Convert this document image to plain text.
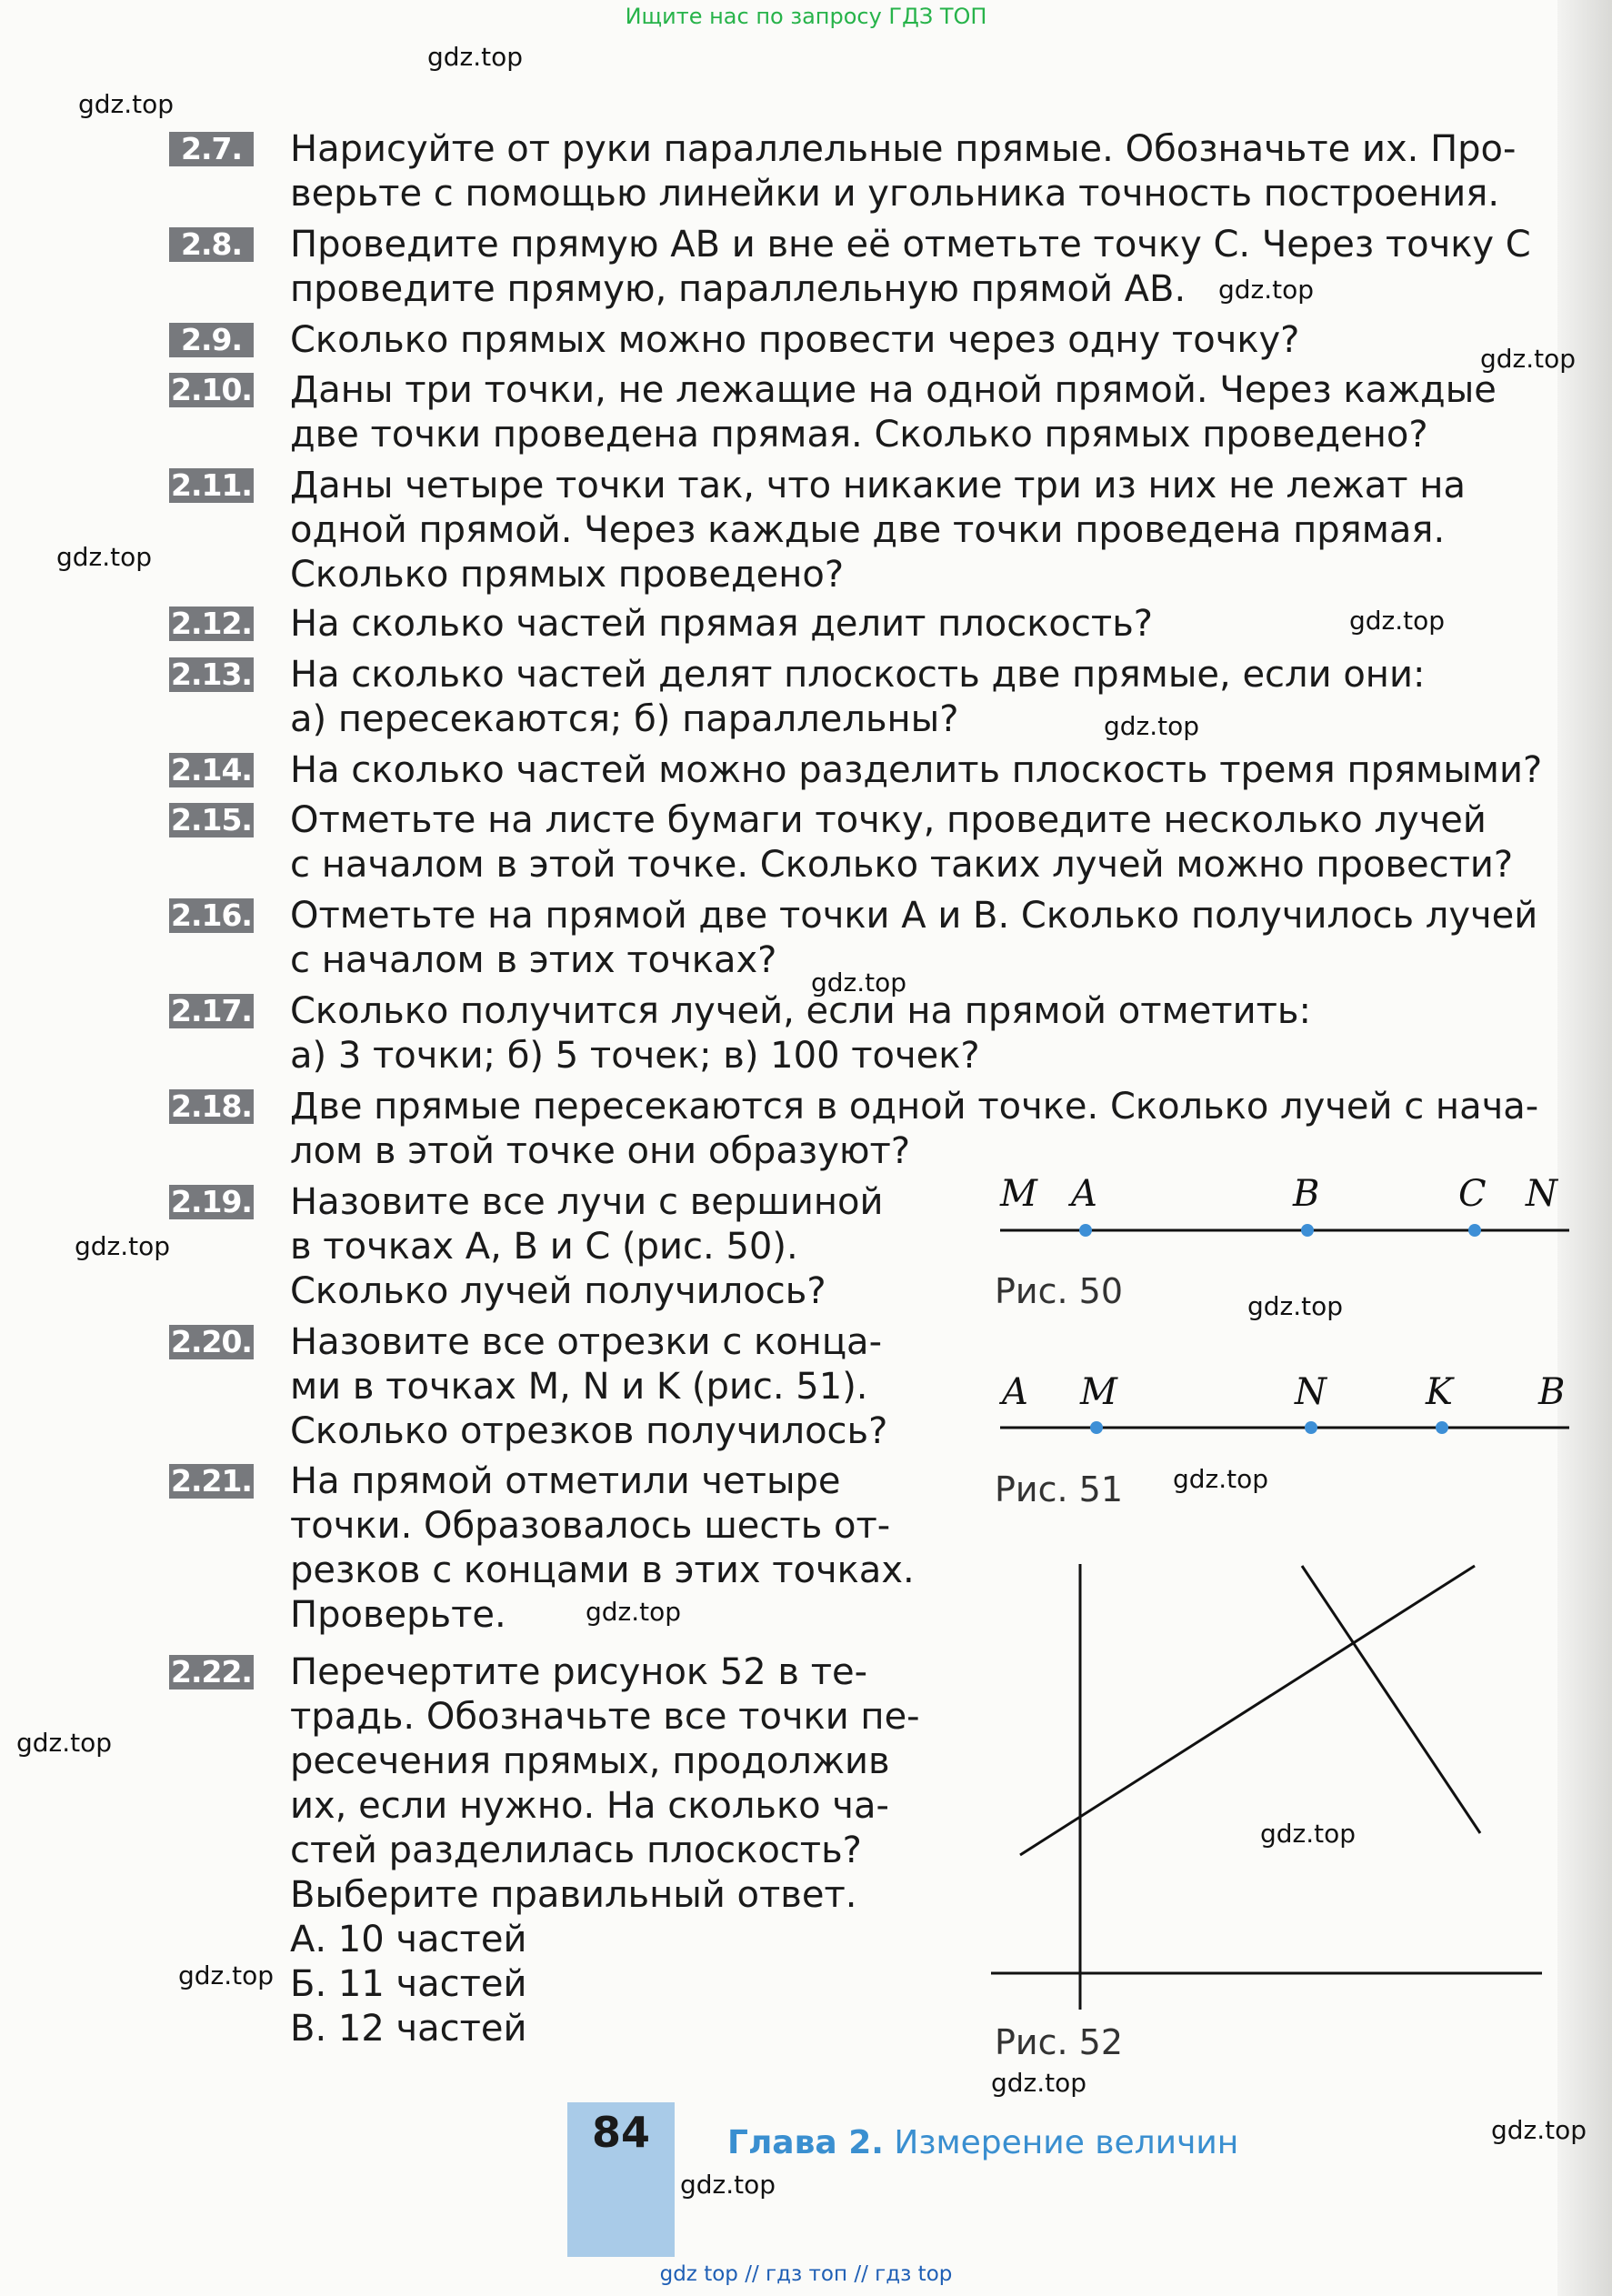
Ищите нас по запросу ГДЗ ТОП
gdz.top
gdz.top
gdz.top
gdz.top
gdz.top
gdz.top
gdz.top
gdz.top
gdz.top
gdz.top
gdz.top
gdz.top
gdz.top
gdz.top
gdz.top
gdz.top
gdz.top
gdz.top
2.7.	Нарисуйте от руки параллельные прямые. Обозначьте их. Про-
верьте с помощью линейки и угольника точность построения.
2.8.	Проведите прямую AB и вне её отметьте точку C. Через точку C
проведите прямую, параллельную прямой AB.
2.9.	Сколько прямых можно провести через одну точку?
2.10. Даны три точки, не лежащие на одной прямой. Через каждые
две точки проведена прямая. Сколько прямых проведено?
2.11. Даны четыре точки так, что никакие три из них не лежат на
одной прямой. Через каждые две точки проведена прямая.
Сколько прямых проведено?
2.12. На сколько частей прямая делит плоскость?
2.13. На сколько частей делят плоскость две прямые, если они:
а) пересекаются; б) параллельны?
2.14. На сколько частей можно разделить плоскость тремя прямыми?
2.15. Отметьте на листе бумаги точку, проведите несколько лучей
с началом в этой точке. Сколько таких лучей можно провести?
2.16. Отметьте на прямой две точки A и B. Сколько получилось лучей
с началом в этих точках?
2.17. Сколько получится лучей, если на прямой отметить:
а) 3 точки; б) 5 точек; в) 100 точек?
2.18. Две прямые пересекаются в одной точке. Сколько лучей с нача-
лом в этой точке они образуют?
2.19. Назовите все лучи с вершиной
в точках A, B и C (рис. 50).
Сколько лучей получилось?
2.20. Назовите все отрезки с конца-
ми в точках M, N и K (рис. 51).
Сколько отрезков получилось?
2.21. На прямой отметили четыре
точки. Образовалось шесть от-
резков с концами в этих точках.
Проверьте.
2.22. Перечертите рисунок 52 в те-
традь. Обозначьте все точки пе-
ресечения прямых, продолжив
их, если нужно. На сколько ча-
стей разделилась плоскость?
Выберите правильный ответ.
А. 10 частей
Б. 11 частей
В. 12 частей
M A	B	C N
Рис. 50
A M	N	K B
Рис. 51
Рис. 52
84	Глава 2. Измерение величин
gdz top // гдз топ // гдз top
